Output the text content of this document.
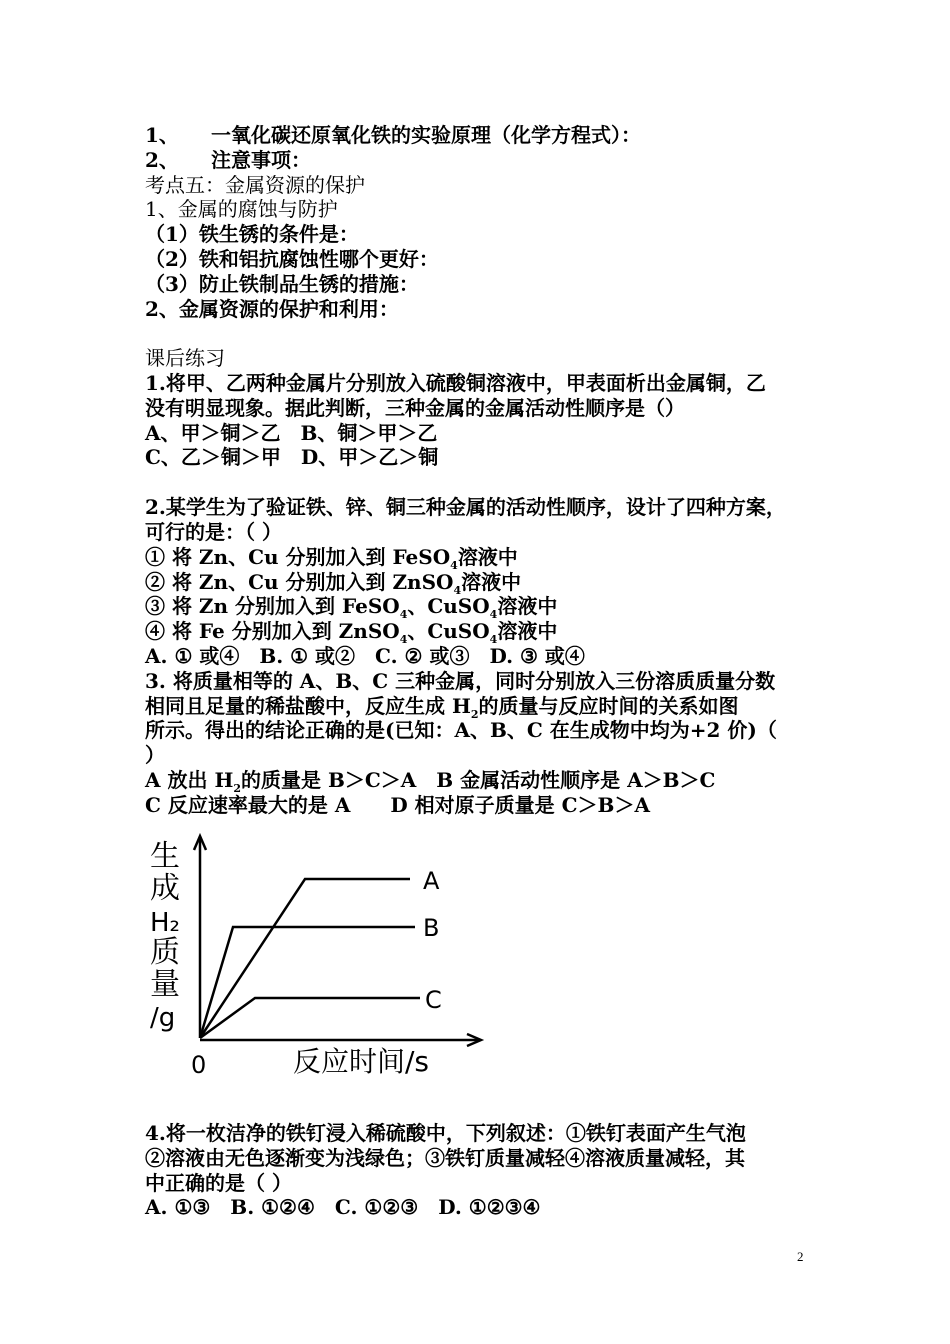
1、 一氧化碳还原氧化铁的实验原理（化学方程式）：
2、 注意事项：
考点五：金属资源的保护
1、金属的腐蚀与防护
（1）铁生锈的条件是：
（2）铁和铝抗腐蚀性哪个更好：
（3）防止铁制品生锈的措施：
2、金属资源的保护和利用：
课后练习
1.将甲、乙两种金属片分别放入硫酸铜溶液中，甲表面析出金属铜，乙
没有明显现象。据此判断，三种金属的金属活动性顺序是（）
A、甲＞铜＞乙　B、铜＞甲＞乙
C、乙＞铜＞甲　D、甲＞乙＞铜
2.某学生为了验证铁、锌、铜三种金属的活动性顺序，设计了四种方案，
可行的是：（ ）
① 将 Zn、Cu 分别加入到 FeSO$_4$溶液中
② 将 Zn、Cu 分别加入到 ZnSO$_4$溶液中
③ 将 Zn 分别加入到 FeSO$_4$、CuSO$_4$溶液中
④ 将 Fe 分别加入到 ZnSO$_4$、CuSO$_4$溶液中
A. ① 或④　B. ① 或②　C. ② 或③　D. ③ 或④
3. 将质量相等的 A、B、C 三种金属，同时分别放入三份溶质质量分数
相同且足量的稀盐酸中，反应生成 $H_2$的质量与反应时间的关系如图
所示。得出的结论正确的是(已知：A、B、C 在生成物中均为+2 价)（
）
A 放出 $H_2$的质量是 B＞C＞A　B 金属活动性顺序是 A＞B＞C
C 反应速率最大的是 A　　D 相对原子质量是 C＞B＞A
生
成
H₂
质
量
/g
0	反应时间/s
A
B
C
4.将一枚洁净的铁钉浸入稀硫酸中，下列叙述：①铁钉表面产生气泡
②溶液由无色逐渐变为浅绿色；③铁钉质量减轻④溶液质量减轻，其
中正确的是（ ）
A. ①③　B. ①②④　C. ①②③　D. ①②③④
2
